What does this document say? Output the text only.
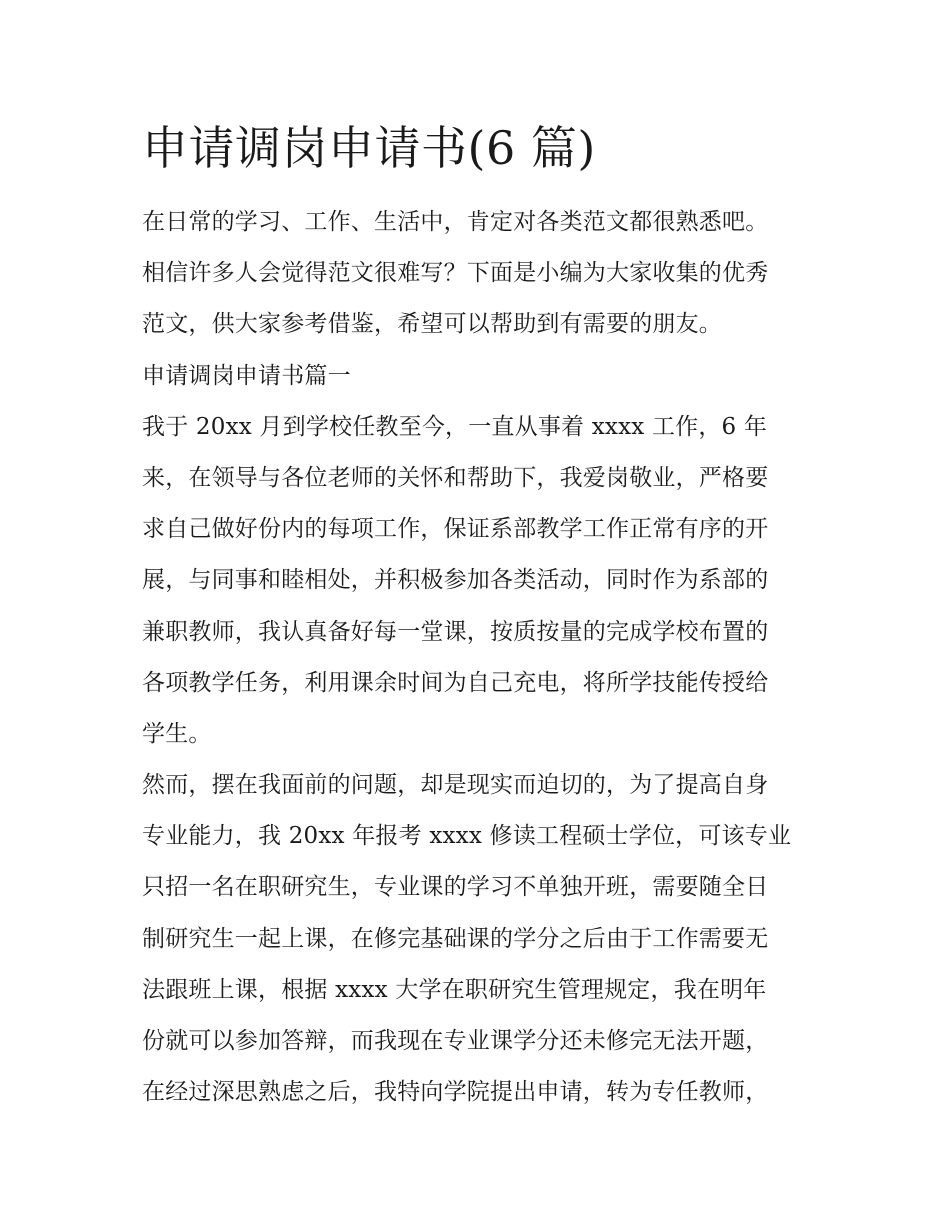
申请调岗申请书(6 篇)
在日常的学习、工作、生活中，肯定对各类范文都很熟悉吧。
相信许多人会觉得范文很难写？下面是小编为大家收集的优秀
范文，供大家参考借鉴，希望可以帮助到有需要的朋友。
申请调岗申请书篇一
我于 20xx 月到学校任教至今，一直从事着 xxxx 工作，6 年
来，在领导与各位老师的关怀和帮助下，我爱岗敬业，严格要
求自己做好份内的每项工作，保证系部教学工作正常有序的开
展，与同事和睦相处，并积极参加各类活动，同时作为系部的
兼职教师，我认真备好每一堂课，按质按量的完成学校布置的
各项教学任务，利用课余时间为自己充电，将所学技能传授给
学生。
然而，摆在我面前的问题，却是现实而迫切的，为了提高自身
专业能力，我 20xx 年报考 xxxx 修读工程硕士学位，可该专业
只招一名在职研究生，专业课的学习不单独开班，需要随全日
制研究生一起上课，在修完基础课的学分之后由于工作需要无
法跟班上课，根据 xxxx 大学在职研究生管理规定，我在明年
份就可以参加答辩，而我现在专业课学分还未修完无法开题，
在经过深思熟虑之后，我特向学院提出申请，转为专任教师，
